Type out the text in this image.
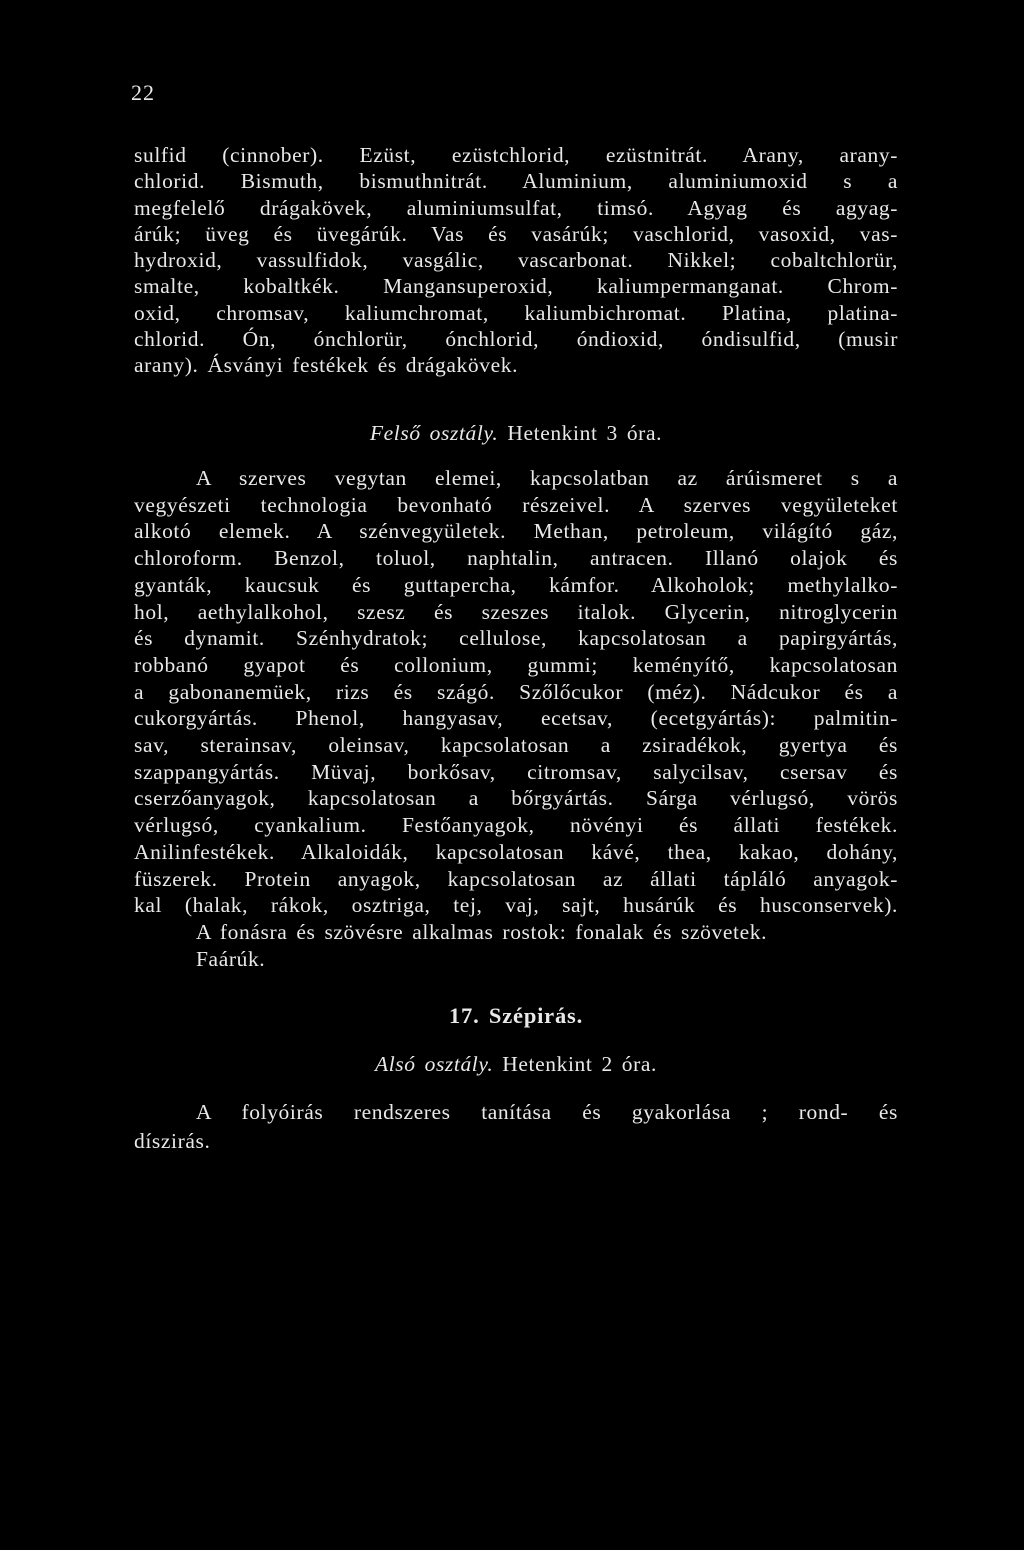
22
sulfid (cinnober). Ezüst, ezüstchlorid, ezüstnitrát. Arany, arany-
chlorid. Bismuth, bismuthnitrát. Aluminium, aluminiumoxid s a
megfelelő drágakövek, aluminiumsulfat, timsó. Agyag és agyag-
árúk; üveg és üvegárúk. Vas és vasárúk; vaschlorid, vasoxid, vas-
hydroxid, vassulfidok, vasgálic, vascarbonat. Nikkel; cobaltchlorür,
smalte, kobaltkék. Mangansuperoxid, kaliumpermanganat. Chrom-
oxid, chromsav, kaliumchromat, kaliumbichromat. Platina, platina-
chlorid. Ón, ónchlorür, ónchlorid, óndioxid, óndisulfid, (musir
arany). Ásványi festékek és drágakövek.
Felső osztály. Hetenkint 3 óra.
A szerves vegytan elemei, kapcsolatban az árúismeret s a
vegyészeti technologia bevonható részeivel. A szerves vegyületeket
alkotó elemek. A szénvegyületek. Methan, petroleum, világító gáz,
chloroform. Benzol, toluol, naphtalin, antracen. Illanó olajok és
gyanták, kaucsuk és guttapercha, kámfor. Alkoholok; methylalko-
hol, aethylalkohol, szesz és szeszes italok. Glycerin, nitroglycerin
és dynamit. Szénhydratok; cellulose, kapcsolatosan a papirgyártás,
robbanó gyapot és collonium, gummi; keményítő, kapcsolatosan
a gabonanemüek, rizs és szágó. Szőlőcukor (méz). Nádcukor és a
cukorgyártás. Phenol, hangyasav, ecetsav, (ecetgyártás): palmitin-
sav, sterainsav, oleinsav, kapcsolatosan a zsiradékok, gyertya és
szappangyártás. Müvaj, borkősav, citromsav, salycilsav, csersav és
cserzőanyagok, kapcsolatosan a bőrgyártás. Sárga vérlugsó, vörös
vérlugsó, cyankalium. Festőanyagok, növényi és állati festékek.
Anilinfestékek. Alkaloidák, kapcsolatosan kávé, thea, kakao, dohány,
füszerek. Protein anyagok, kapcsolatosan az állati tápláló anyagok-
kal (halak, rákok, osztriga, tej, vaj, sajt, husárúk és husconservek).
A fonásra és szövésre alkalmas rostok: fonalak és szövetek.
Faárúk.
17. Szépirás.
Alsó osztály. Hetenkint 2 óra.
A folyóirás rendszeres tanítása és gyakorlása ; rond- és
díszirás.
